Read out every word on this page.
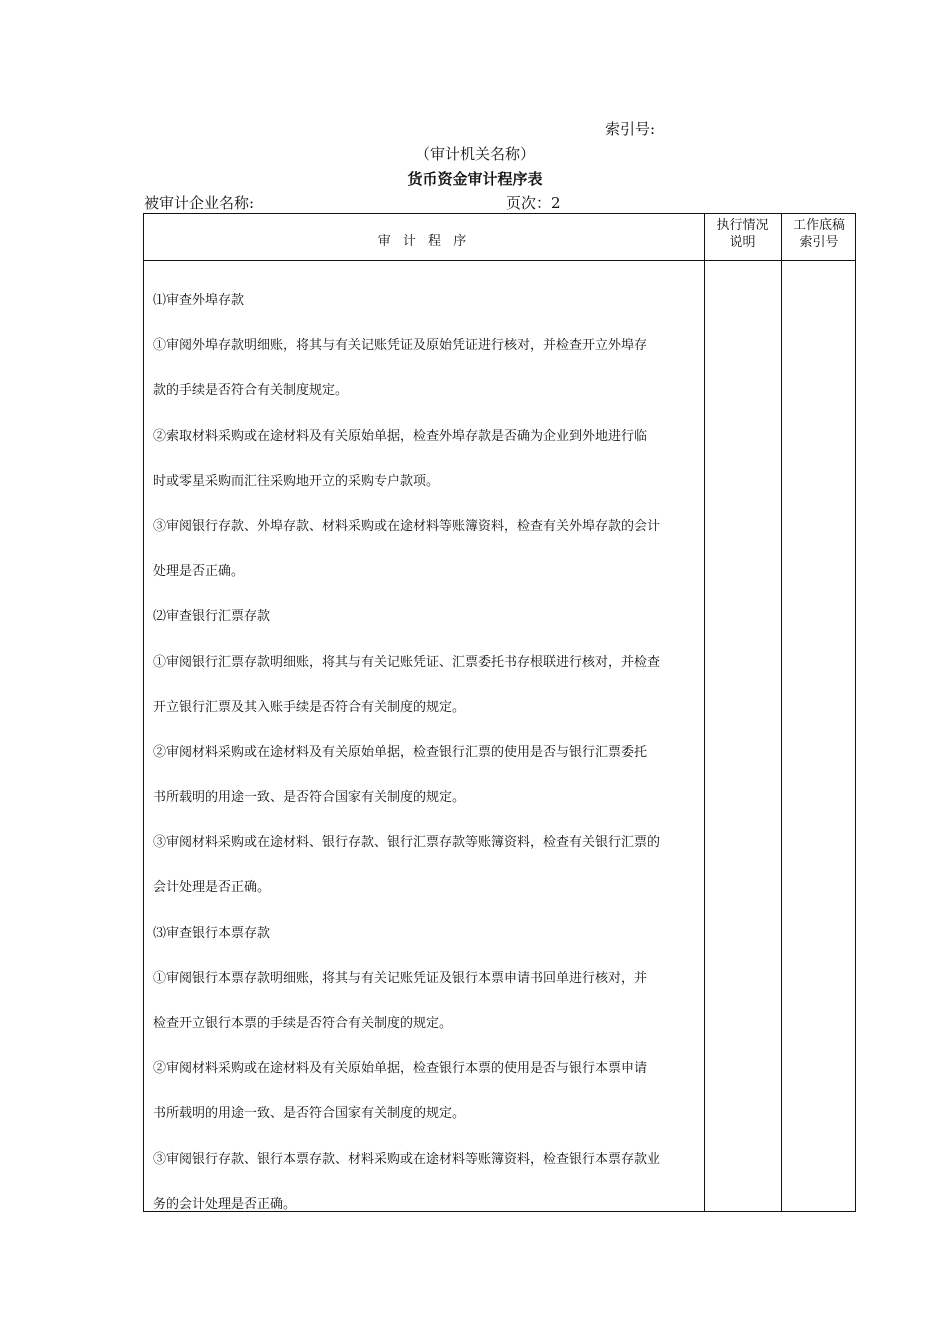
索引号:
（审计机关名称）
货币资金审计程序表
被审计企业名称:	页次：2
审 计 程 序
执行情况
说明
工作底稿
索引号
⑴审查外埠存款
①审阅外埠存款明细账，将其与有关记账凭证及原始凭证进行核对，并检查开立外埠存
款的手续是否符合有关制度规定。
②索取材料采购或在途材料及有关原始单据，检查外埠存款是否确为企业到外地进行临
时或零星采购而汇往采购地开立的采购专户款项。
③审阅银行存款、外埠存款、材料采购或在途材料等账簿资料，检查有关外埠存款的会计
处理是否正确。
⑵审查银行汇票存款
①审阅银行汇票存款明细账，将其与有关记账凭证、汇票委托书存根联进行核对，并检查
开立银行汇票及其入账手续是否符合有关制度的规定。
②审阅材料采购或在途材料及有关原始单据，检查银行汇票的使用是否与银行汇票委托
书所载明的用途一致、是否符合国家有关制度的规定。
③审阅材料采购或在途材料、银行存款、银行汇票存款等账簿资料，检查有关银行汇票的
会计处理是否正确。
⑶审查银行本票存款
①审阅银行本票存款明细账，将其与有关记账凭证及银行本票申请书回单进行核对，并
检查开立银行本票的手续是否符合有关制度的规定。
②审阅材料采购或在途材料及有关原始单据，检查银行本票的使用是否与银行本票申请
书所载明的用途一致、是否符合国家有关制度的规定。
③审阅银行存款、银行本票存款、材料采购或在途材料等账簿资料，检查银行本票存款业
务的会计处理是否正确。
